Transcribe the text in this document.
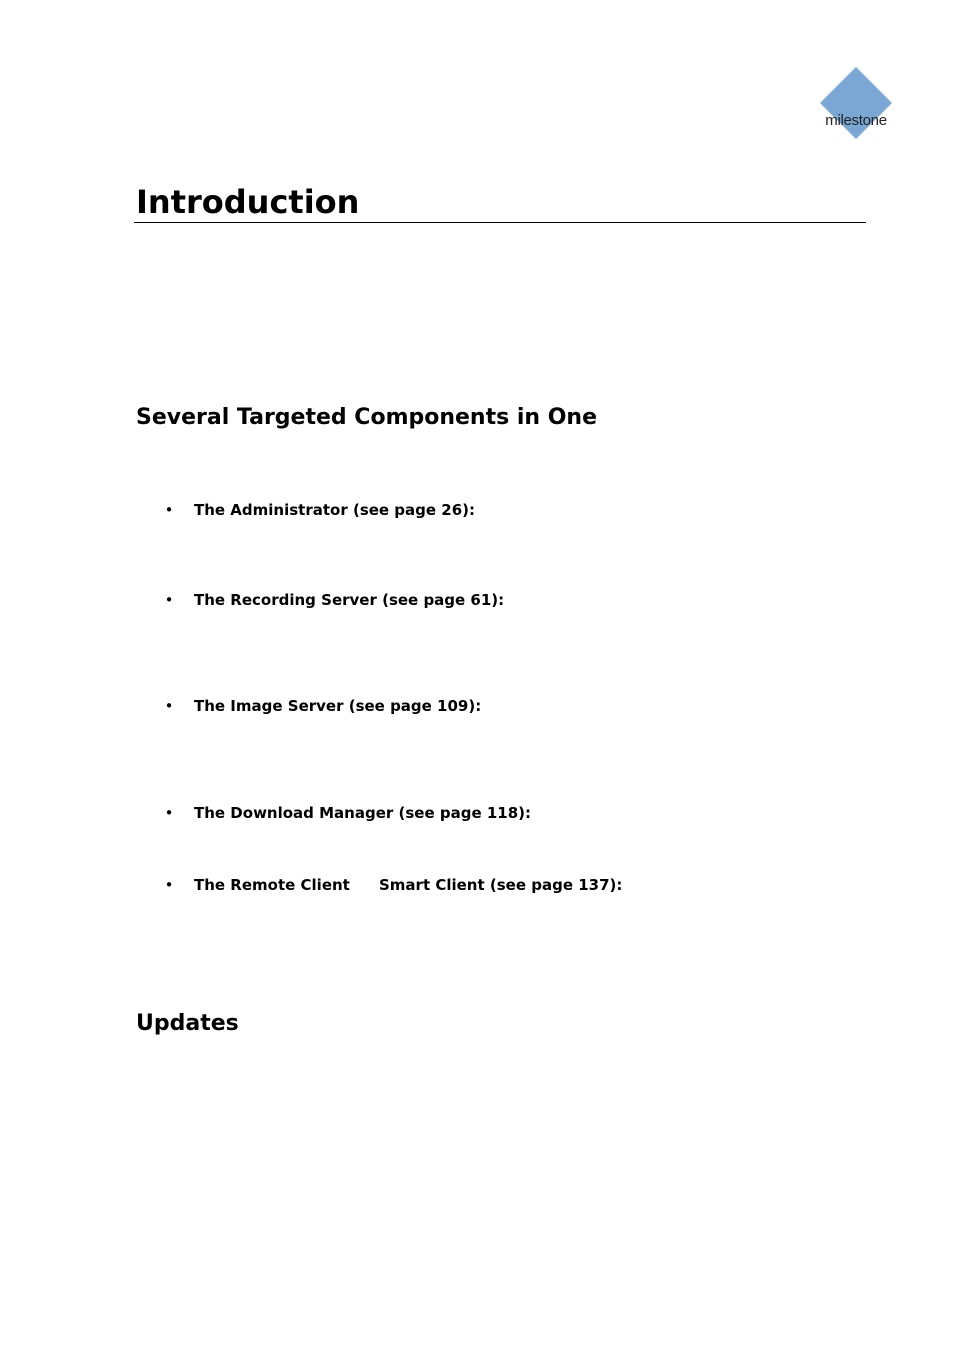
milestone
Introduction
Several Targeted Components in One
•	The Administrator (see page 26):
•	The Recording Server (see page 61):
•	The Image Server (see page 109):
•	The Download Manager (see page 118):
•	The Remote Client Smart Client (see page 137):
Updates
